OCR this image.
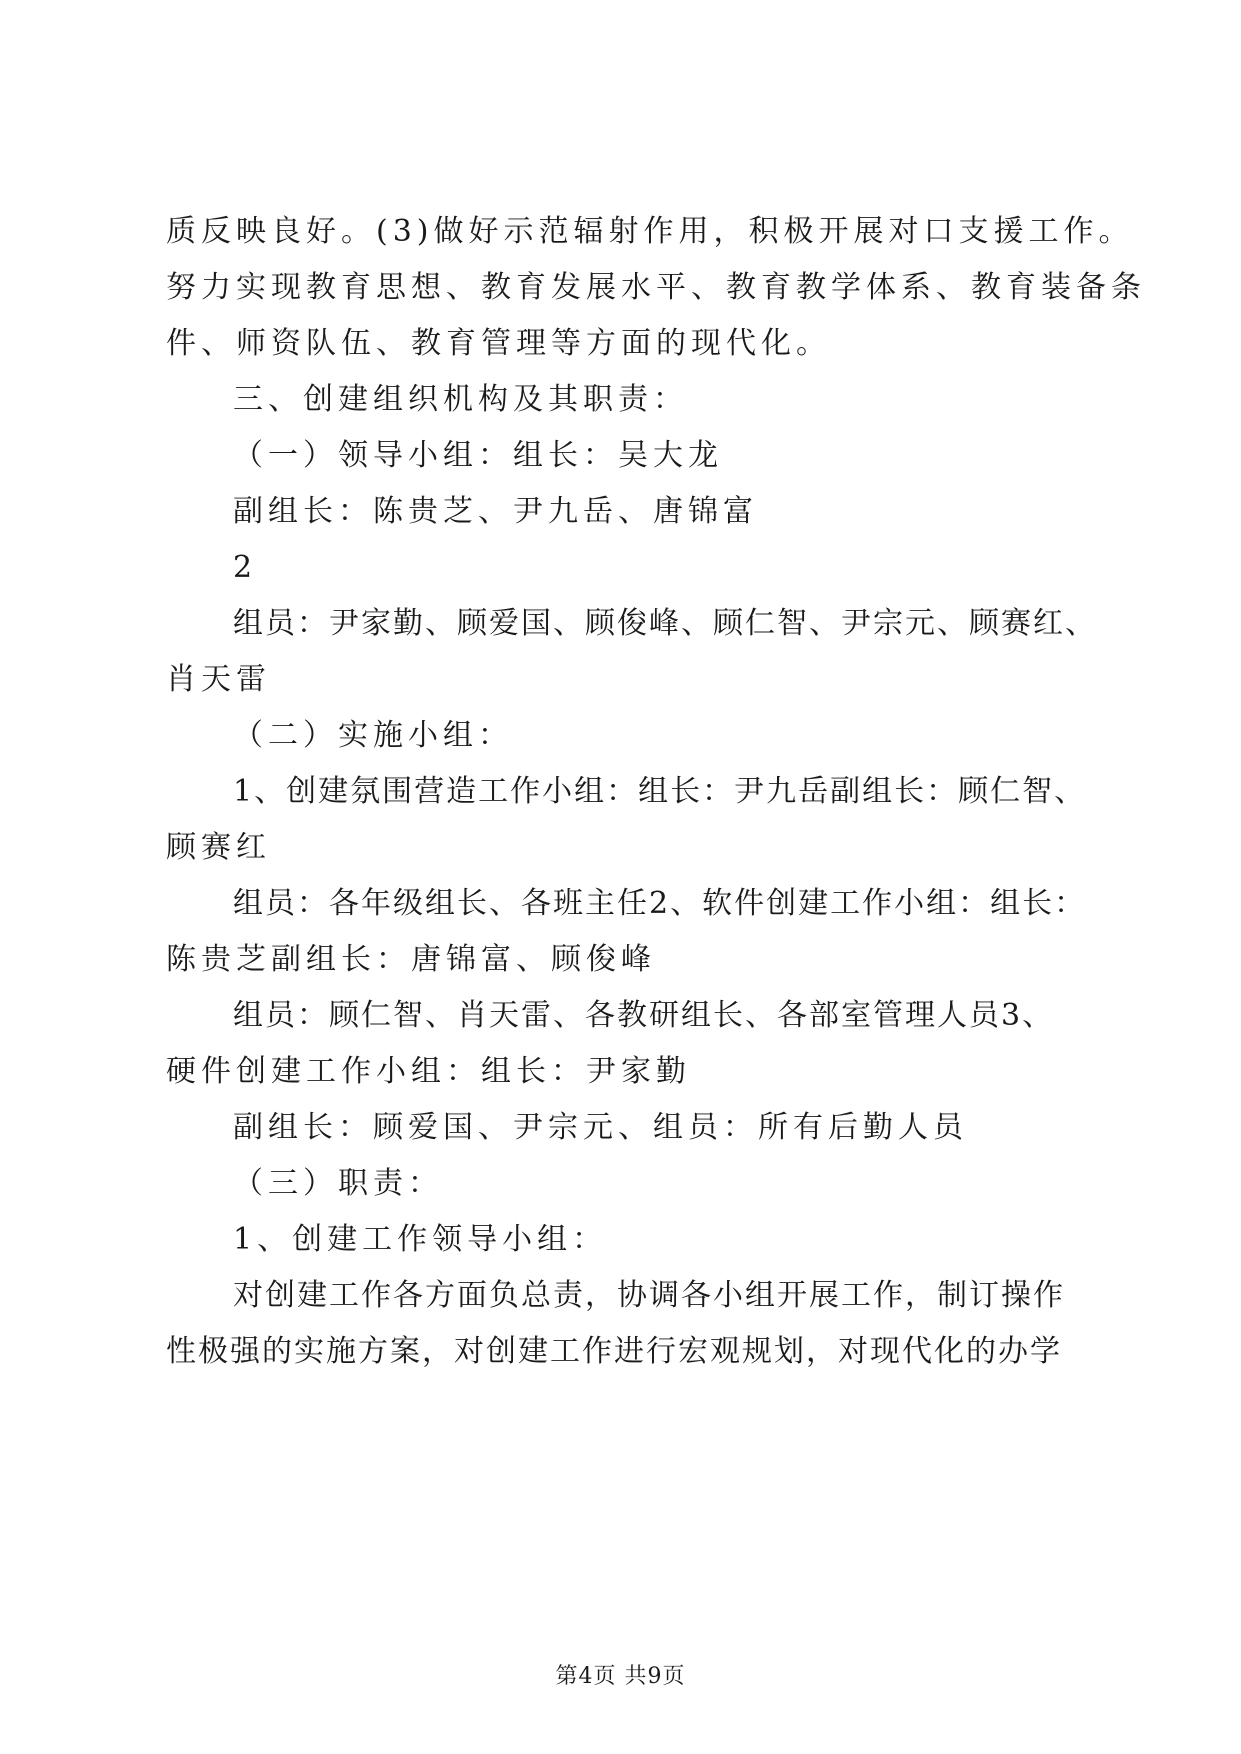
质反映良好。(3)做好示范辐射作用，积极开展对口支援工作。
努力实现教育思想、教育发展水平、教育教学体系、教育装备条
件、师资队伍、教育管理等方面的现代化。
三、创建组织机构及其职责：
（一）领导小组：组长：吴大龙
副组长：陈贵芝、尹九岳、唐锦富
2
组员：尹家勤、顾爱国、顾俊峰、顾仁智、尹宗元、顾赛红、
肖天雷
（二）实施小组：
1、创建氛围营造工作小组：组长：尹九岳副组长：顾仁智、
顾赛红
组员：各年级组长、各班主任2、软件创建工作小组：组长：
陈贵芝副组长：唐锦富、顾俊峰
组员：顾仁智、肖天雷、各教研组长、各部室管理人员3、
硬件创建工作小组：组长：尹家勤
副组长：顾爱国、尹宗元、组员：所有后勤人员
（三）职责：
1、创建工作领导小组：
对创建工作各方面负总责，协调各小组开展工作，制订操作
性极强的实施方案，对创建工作进行宏观规划，对现代化的办学
第4页 共9页
